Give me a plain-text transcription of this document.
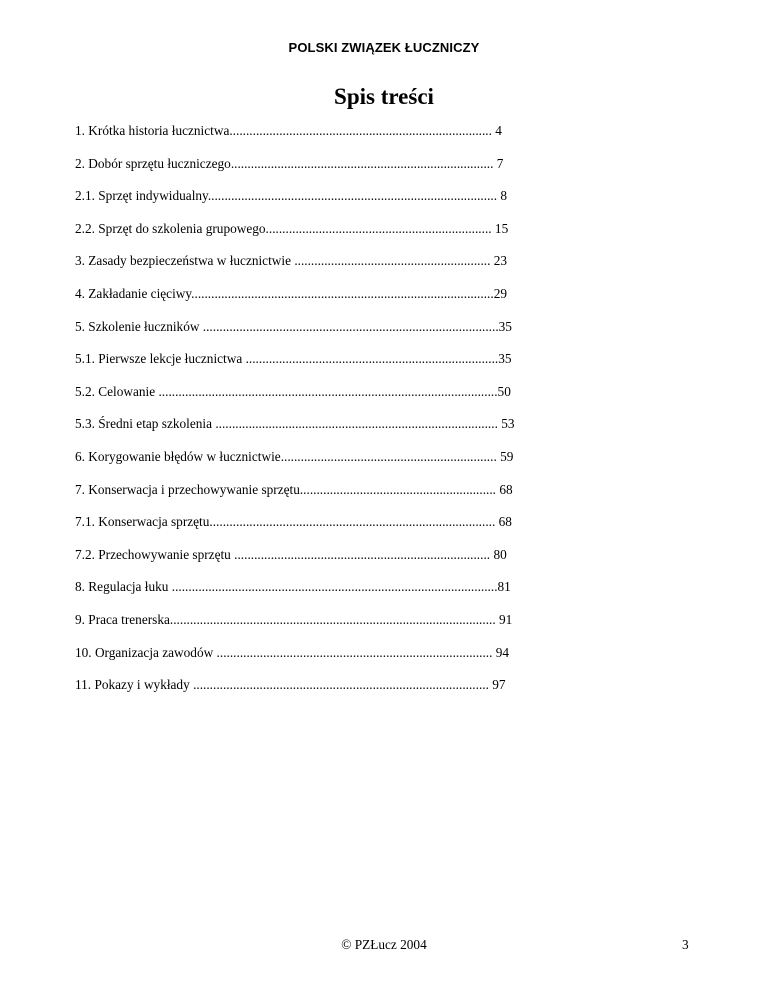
POLSKI ZWIĄZEK ŁUCZNICZY
Spis treści
1. Krótka historia łucznictwa............................................................................... 4
2. Dobór sprzętu łuczniczego............................................................................... 7
2.1. Sprzęt indywidualny....................................................................................... 8
2.2. Sprzęt do szkolenia grupowego.................................................................... 15
3. Zasady bezpieczeństwa w łucznictwie ........................................................... 23
4. Zakładanie cięciwy...........................................................................................29
5. Szkolenie łuczników .........................................................................................35
5.1. Pierwsze lekcje łucznictwa ............................................................................35
5.2. Celowanie ......................................................................................................50
5.3. Średni etap szkolenia ..................................................................................... 53
6. Korygowanie błędów w łucznictwie................................................................. 59
7. Konserwacja i przechowywanie sprzętu........................................................... 68
7.1. Konserwacja sprzętu...................................................................................... 68
7.2. Przechowywanie sprzętu ............................................................................. 80
8. Regulacja łuku ..................................................................................................81
9. Praca trenerska.................................................................................................. 91
10. Organizacja zawodów ................................................................................... 94
11. Pokazy i wykłady ......................................................................................... 97
© PZŁucz 2004	3
